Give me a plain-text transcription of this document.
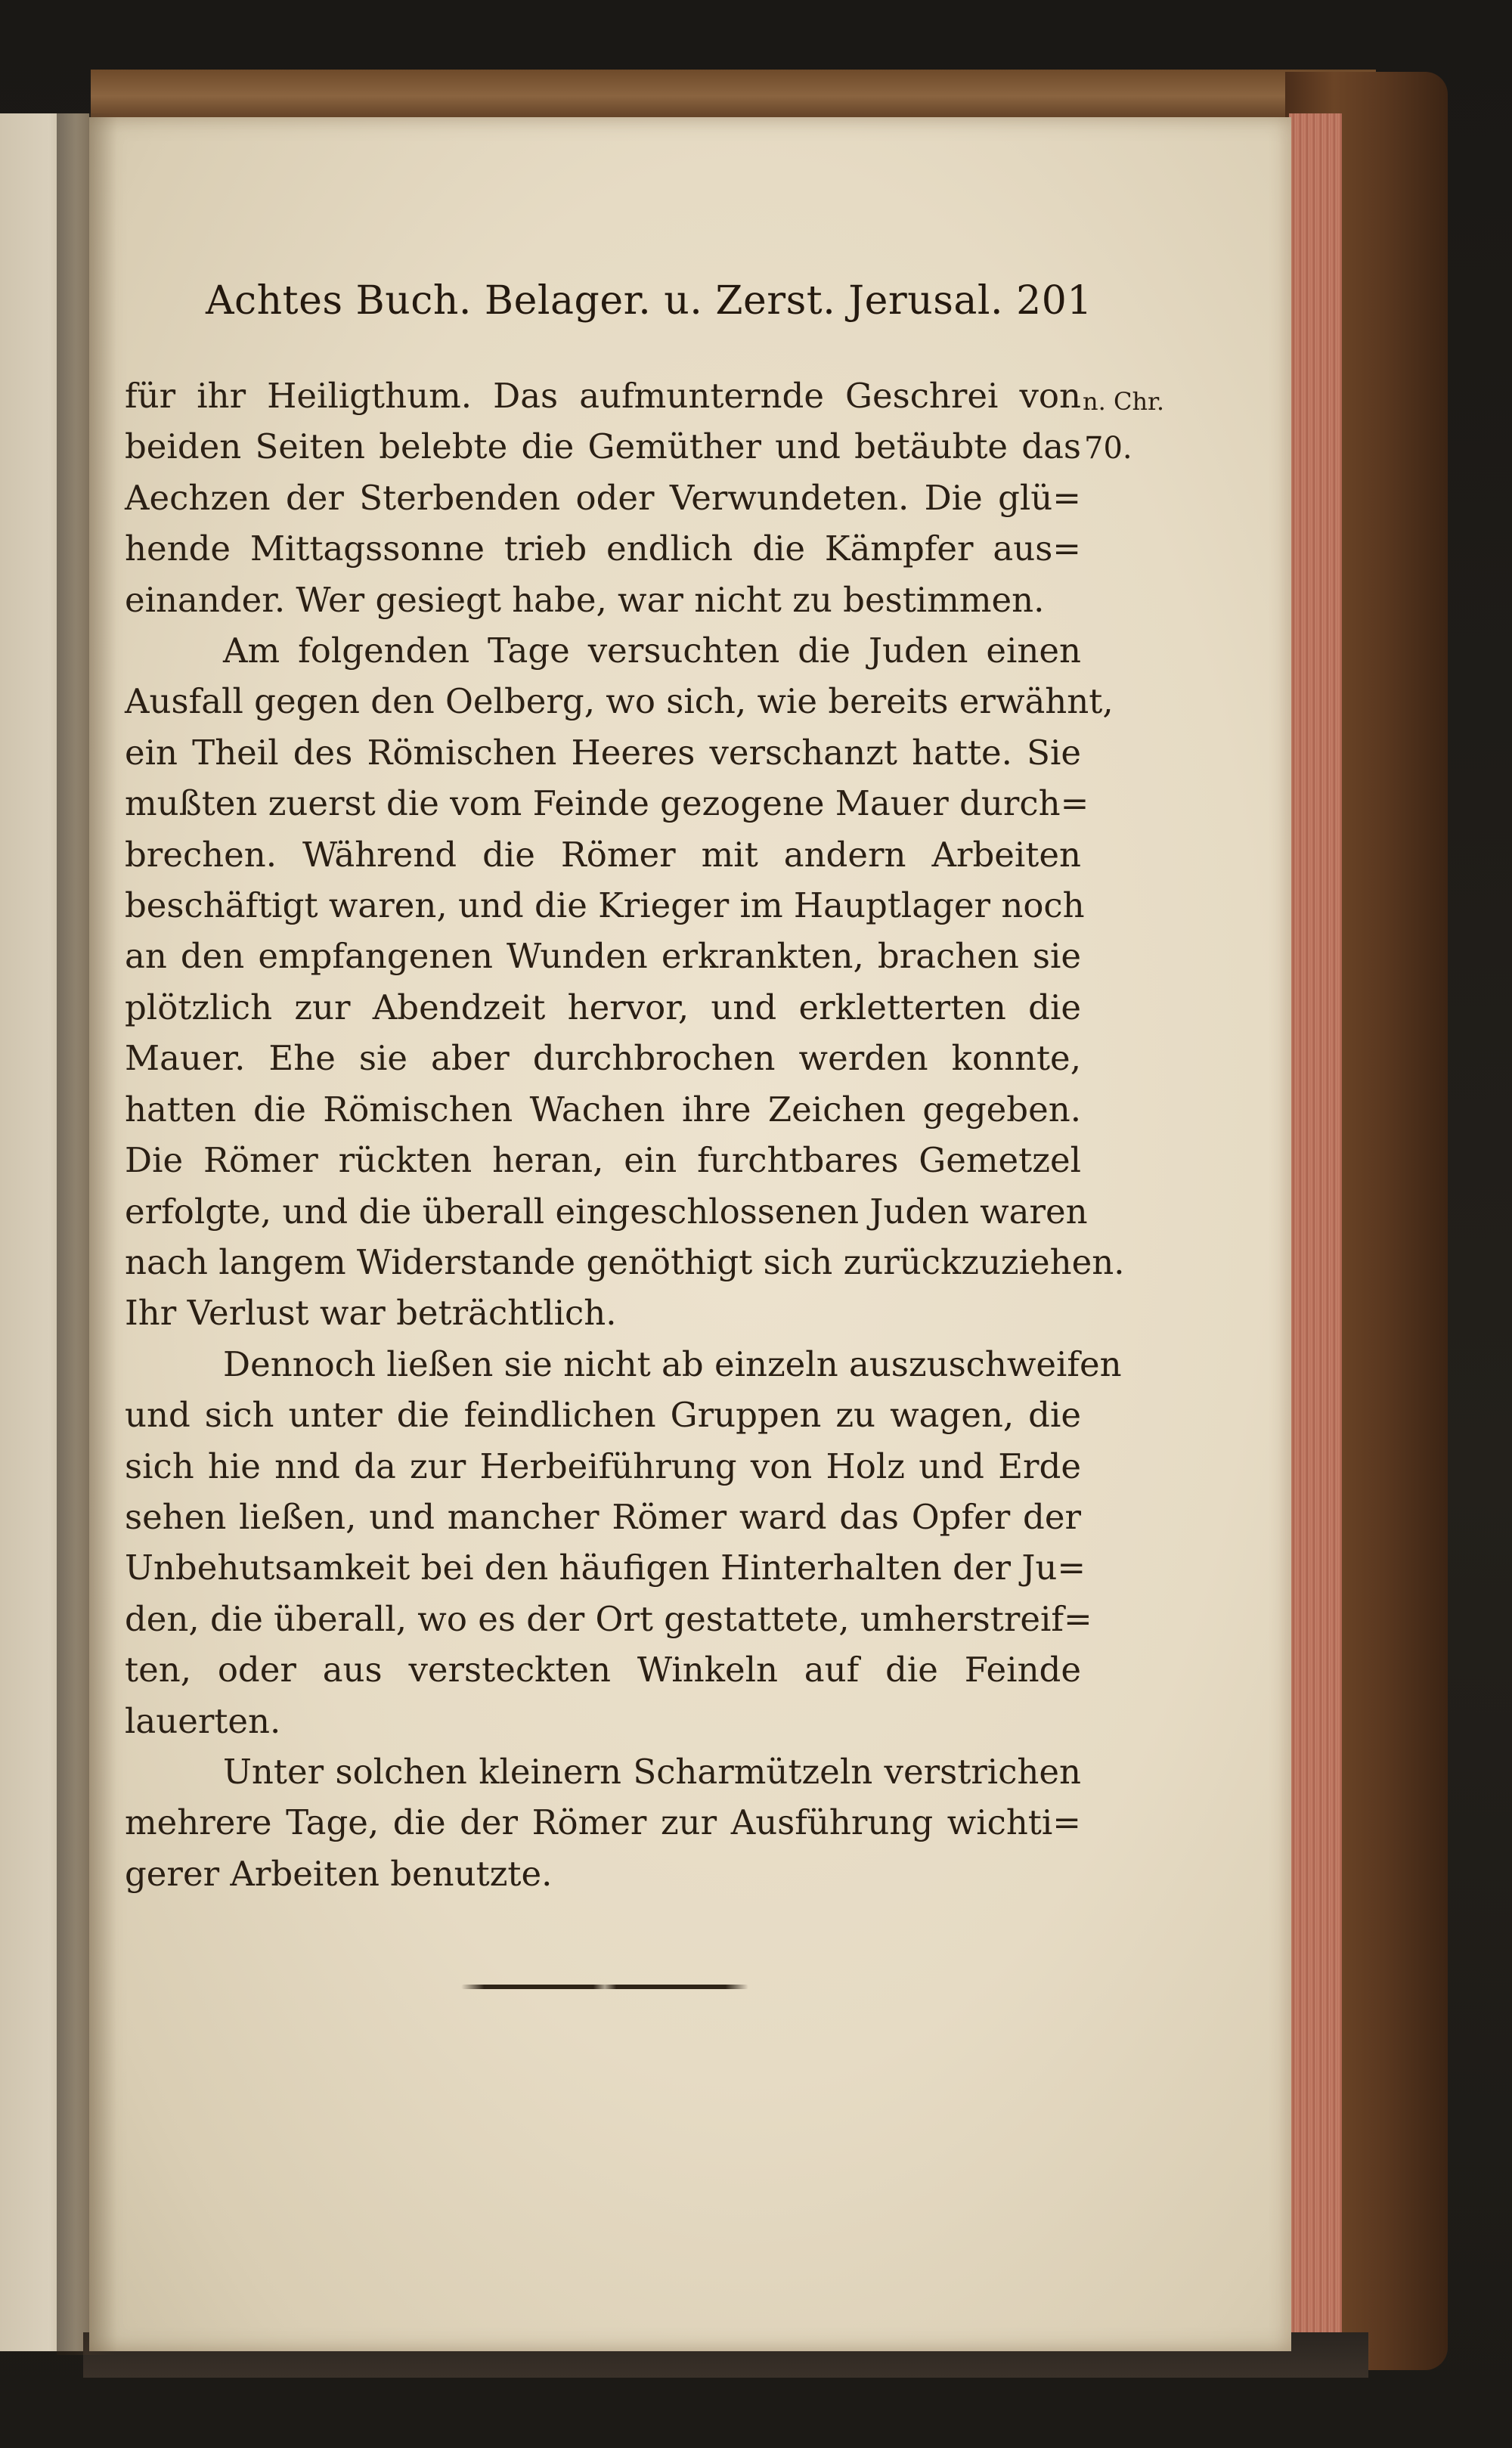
Achtes Buch. Belager. u. Zerst. Jerusal. 201
n. Chr.
70.
für ihr Heiligthum. Das aufmunternde Geschrei von
beiden Seiten belebte die Gemüther und betäubte das
Aechzen der Sterbenden oder Verwundeten. Die glü=
hende Mittagssonne trieb endlich die Kämpfer aus=
einander. Wer gesiegt habe, war nicht zu bestimmen.
Am folgenden Tage versuchten die Juden einen
Ausfall gegen den Oelberg, wo sich, wie bereits erwähnt,
ein Theil des Römischen Heeres verschanzt hatte. Sie
mußten zuerst die vom Feinde gezogene Mauer durch=
brechen. Während die Römer mit andern Arbeiten
beschäftigt waren, und die Krieger im Hauptlager noch
an den empfangenen Wunden erkrankten, brachen sie
plötzlich zur Abendzeit hervor, und erkletterten die
Mauer. Ehe sie aber durchbrochen werden konnte,
hatten die Römischen Wachen ihre Zeichen gegeben.
Die Römer rückten heran, ein furchtbares Gemetzel
erfolgte, und die überall eingeschlossenen Juden waren
nach langem Widerstande genöthigt sich zurückzuziehen.
Ihr Verlust war beträchtlich.
Dennoch ließen sie nicht ab einzeln auszuschweifen
und sich unter die feindlichen Gruppen zu wagen, die
sich hie nnd da zur Herbeiführung von Holz und Erde
sehen ließen, und mancher Römer ward das Opfer der
Unbehutsamkeit bei den häufigen Hinterhalten der Ju=
den, die überall, wo es der Ort gestattete, umherstreif=
ten, oder aus versteckten Winkeln auf die Feinde
lauerten.
Unter solchen kleinern Scharmützeln verstrichen
mehrere Tage, die der Römer zur Ausführung wichti=
gerer Arbeiten benutzte.
